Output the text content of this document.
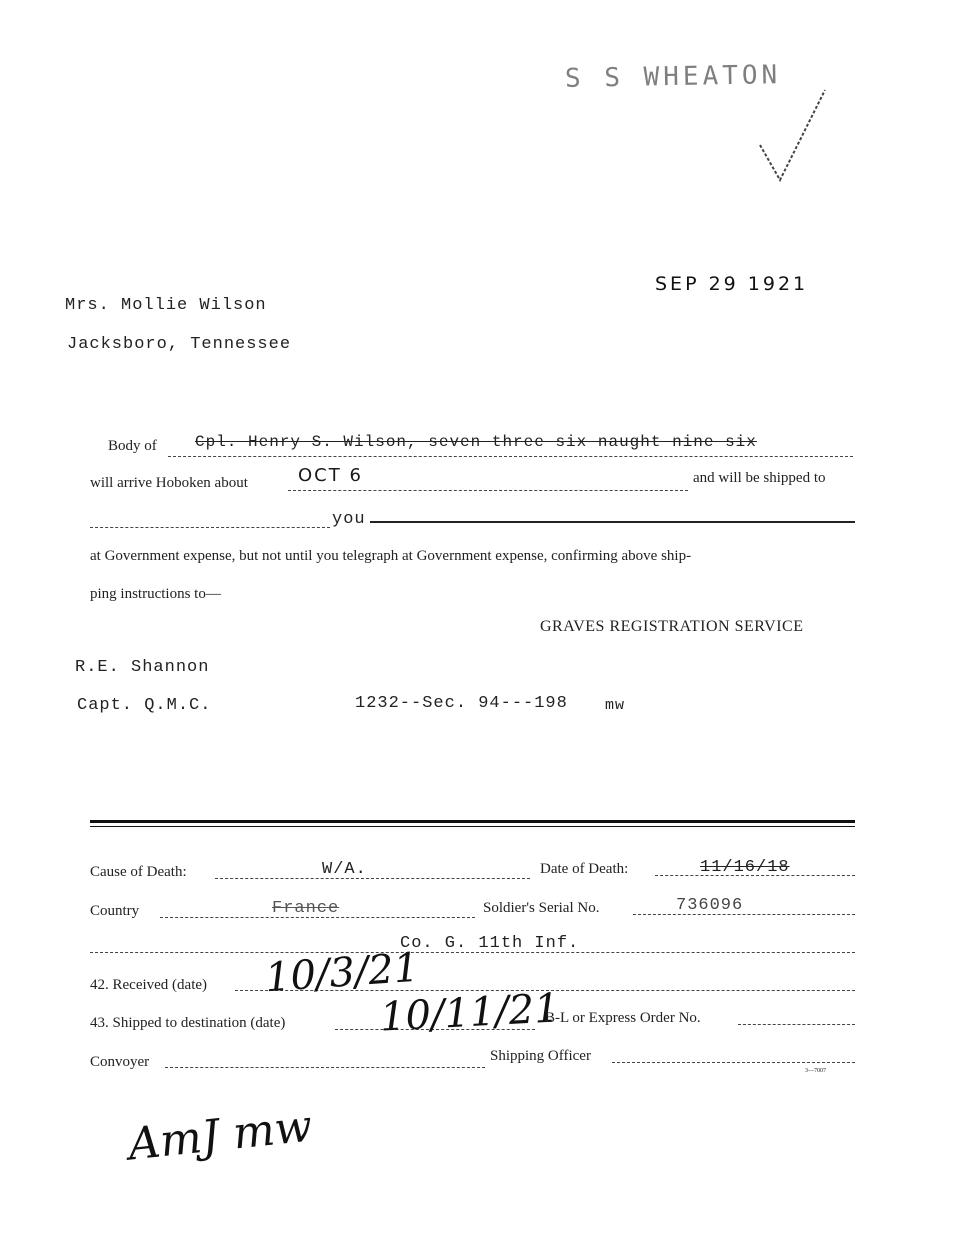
S S WHEATON
SEP 29 1921
Mrs. Mollie Wilson
Jacksboro, Tennessee
Body of Cpl. Henry S. Wilson, seven three six naught nine six
will arrive Hoboken about	OCT 6	and will be shipped to
you
at Government expense, but not until you telegraph at Government expense, confirming above ship-
ping instructions to—
GRAVES REGISTRATION SERVICE
R.E. Shannon
Capt. Q.M.C.	1232--Sec. 94---198 mw
Cause of Death:	W/A.	Date of Death:	11/16/18
Country	France	Soldier's Serial No.	736096
Co. G. 11th Inf.
42. Received (date) 10/3/21
43. Shipped to destination (date) 10/11/21
B-L or Express Order No.
Convoyer	Shipping Officer
3—7007
AmJ mw
